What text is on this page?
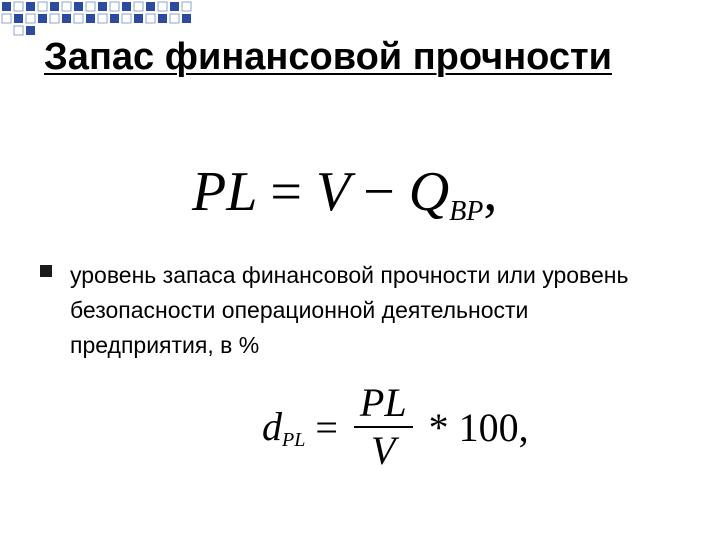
Запас финансовой прочности
PL = $V - Q_{BP}$,
уровень запаса финансовой прочности или уровень безопасности операционной деятельности предприятия, в %
dPL = $\frac{PL}{V} * 100$,
